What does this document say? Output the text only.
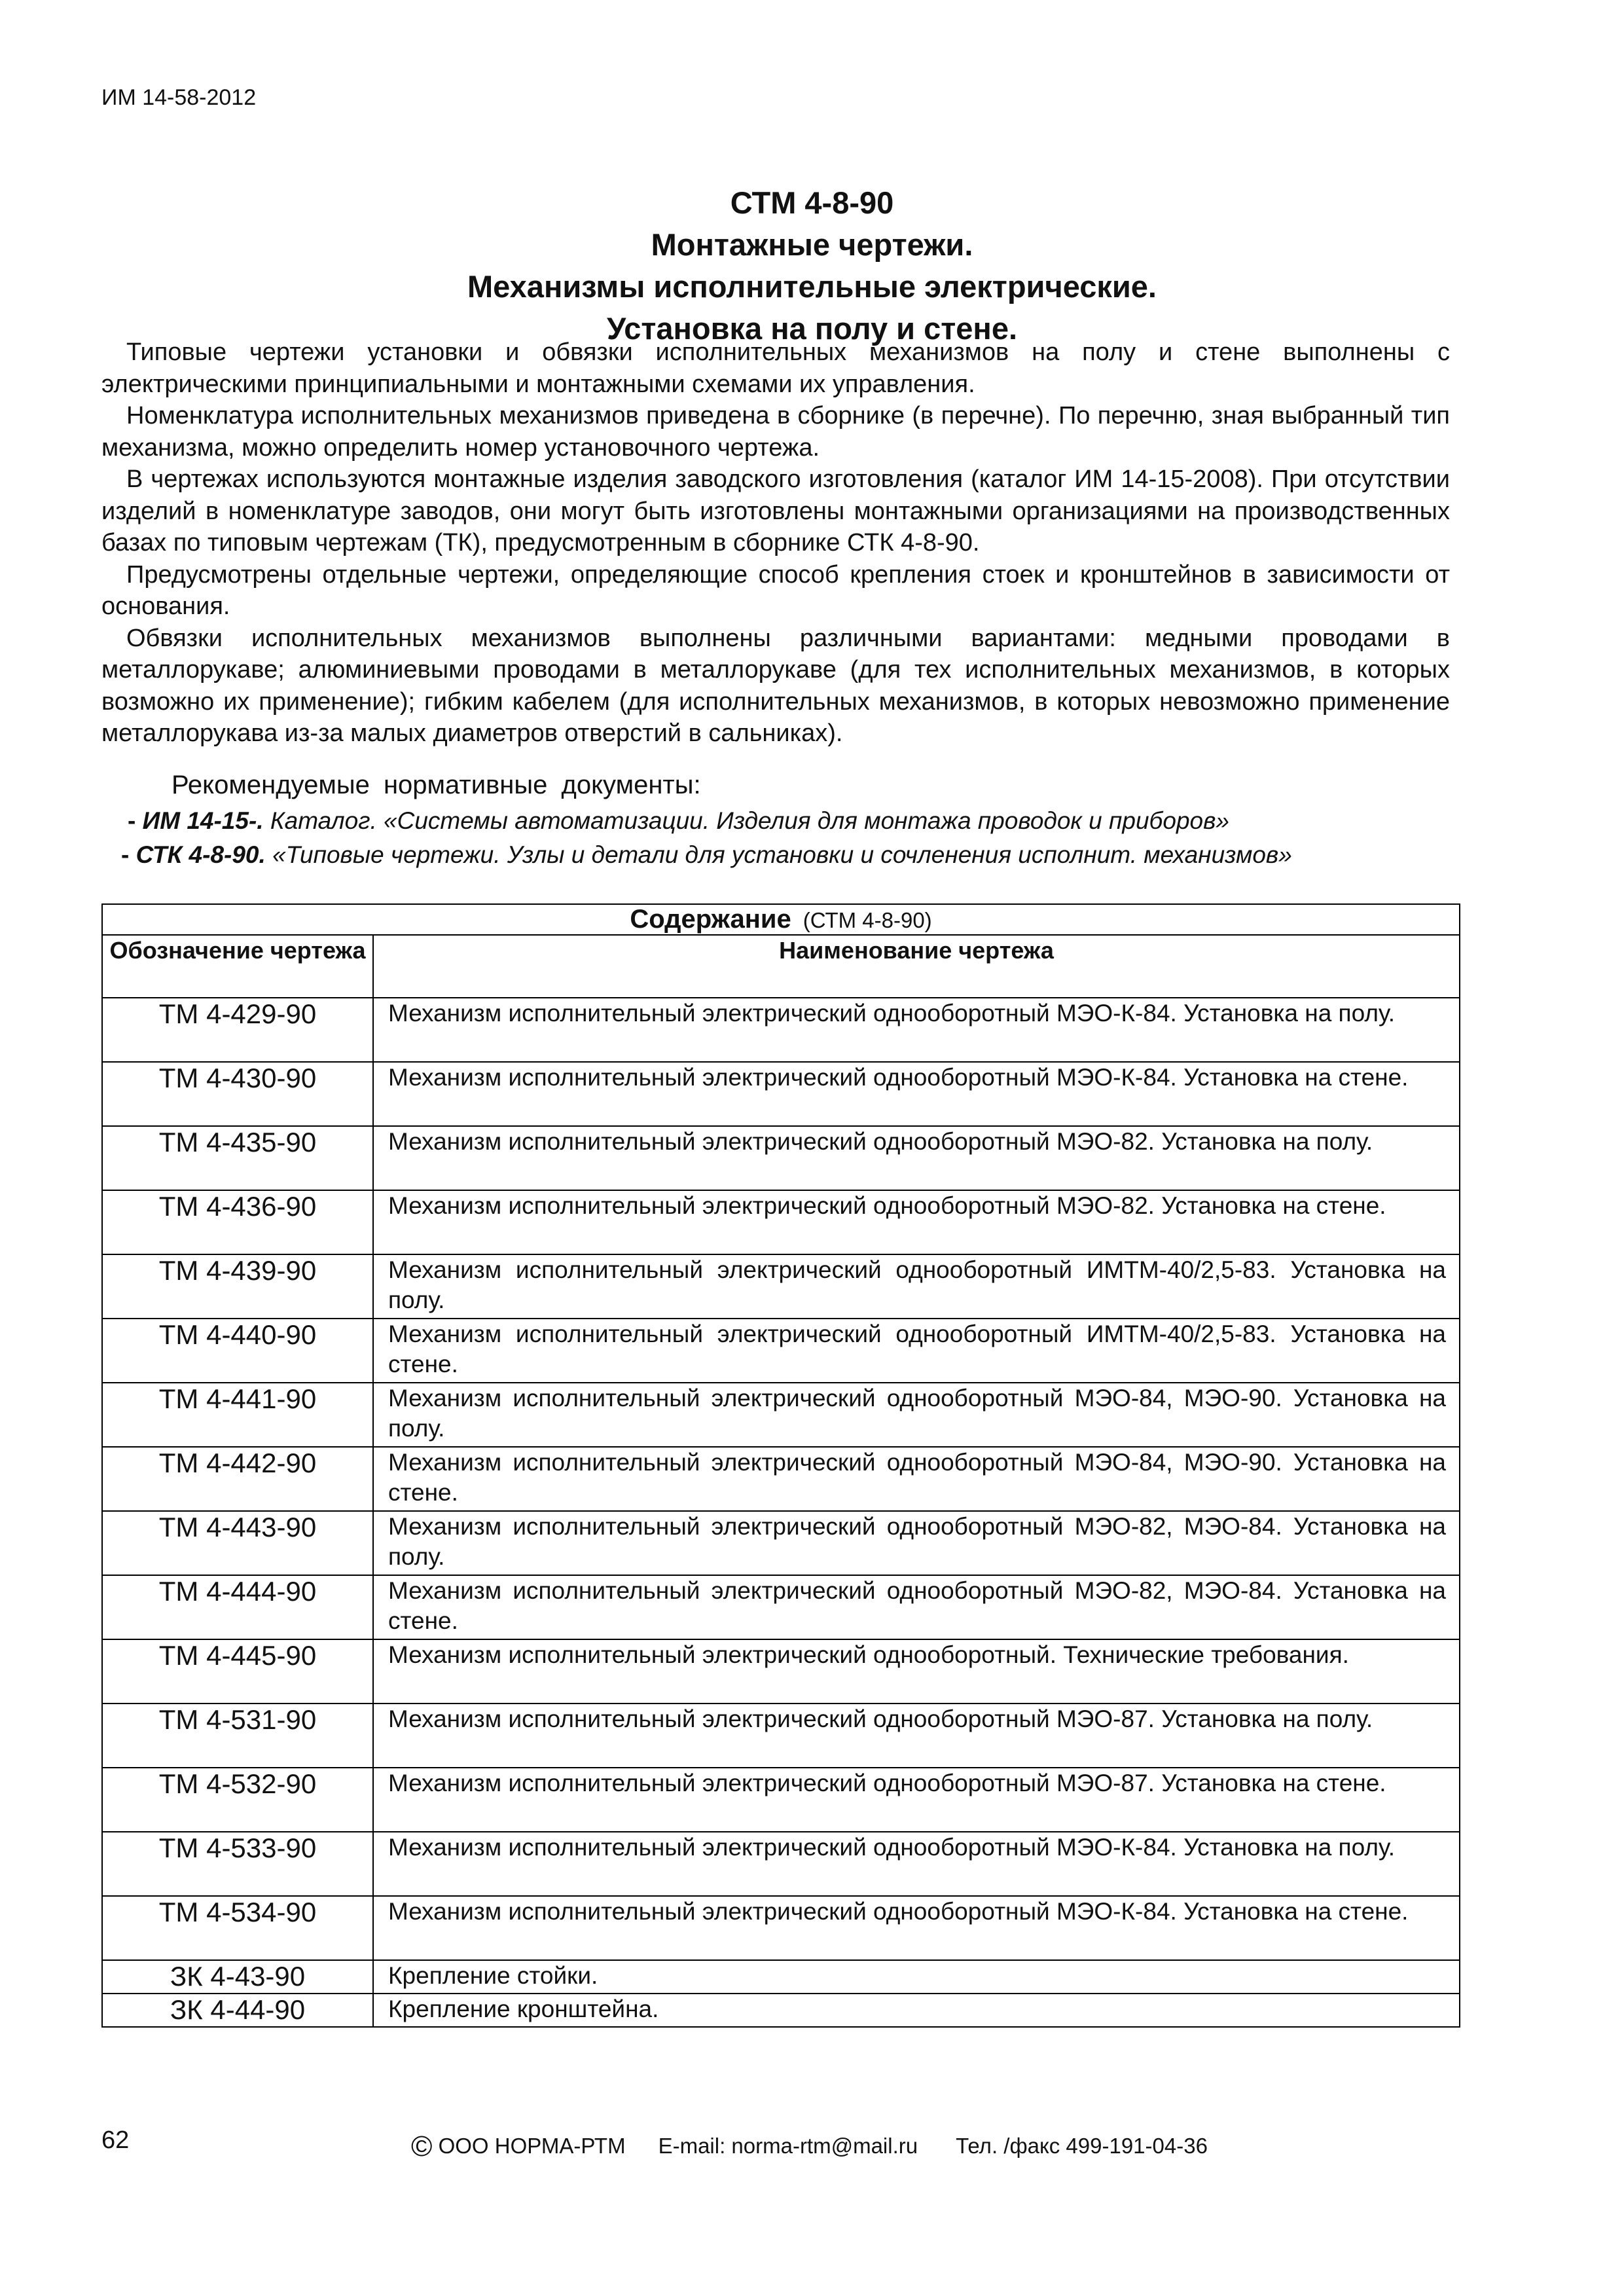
ИМ 14-58-2012
СТМ 4-8-90
Монтажные чертежи.
Механизмы исполнительные электрические.
Установка на полу и стене.

Типовые чертежи установки и обвязки исполнительных механизмов на полу и стене выполнены с электрическими принципиальными и монтажными схемами их управления.

Номенклатура исполнительных механизмов приведена в сборнике (в перечне). По перечню, зная выбранный тип механизма, можно определить номер установочного чертежа.

В чертежах используются монтажные изделия заводского изготовления (каталог ИМ 14-15-2008). При отсутствии изделий в номенклатуре заводов, они могут быть изготовлены монтажными организациями на производственных базах по типовым чертежам (ТК), предусмотренным в сборнике СТК 4-8-90.

Предусмотрены отдельные чертежи, определяющие способ крепления стоек и кронштейнов в зависимости от основания.

Обвязки исполнительных механизмов выполнены различными вариантами: медными проводами в металлорукаве; алюминиевыми проводами в металлорукаве (для тех исполнительных механизмов, в которых возможно их применение); гибким кабелем (для исполнительных механизмов, в которых невозможно применение металлорукава из-за малых диаметров отверстий в сальниках).

Рекомендуемые нормативные документы:
- ИМ 14-15-. Каталог. «Системы автоматизации. Изделия для монтажа проводок и приборов»
- СТК 4-8-90. «Типовые чертежи. Узлы и детали для установки и сочленения исполнит. механизмов»
Содержание (СТМ 4-8-90)	
Обозначение чертежа	Наименование чертежа
ТМ 4-429-90	Механизм исполнительный электрический однооборотный МЭО-К-84. Установка на полу.
ТМ 4-430-90	Механизм исполнительный электрический однооборотный МЭО-К-84. Установка на стене.
ТМ 4-435-90	Механизм исполнительный электрический однооборотный МЭО-82. Установка на полу.
ТМ 4-436-90	Механизм исполнительный электрический однооборотный МЭО-82. Установка на стене.
ТМ 4-439-90	Механизм исполнительный электрический однооборотный ИМТМ-40/2,5-83. Установка на полу.
ТМ 4-440-90	Механизм исполнительный электрический однооборотный ИМТМ-40/2,5-83. Установка на стене.
ТМ 4-441-90	Механизм исполнительный электрический однооборотный МЭО-84, МЭО-90. Установка на полу.
ТМ 4-442-90	Механизм исполнительный электрический однооборотный МЭО-84, МЭО-90. Установка на стене.
ТМ 4-443-90	Механизм исполнительный электрический однооборотный МЭО-82, МЭО-84. Установка на полу.
ТМ 4-444-90	Механизм исполнительный электрический однооборотный МЭО-82, МЭО-84. Установка на стене.
ТМ 4-445-90	Механизм исполнительный электрический однооборотный. Технические требования.
ТМ 4-531-90	Механизм исполнительный электрический однооборотный МЭО-87. Установка на полу.
ТМ 4-532-90	Механизм исполнительный электрический однооборотный МЭО-87. Установка на стене.
ТМ 4-533-90	Механизм исполнительный электрический однооборотный МЭО-К-84. Установка на полу.
ТМ 4-534-90	Механизм исполнительный электрический однооборотный МЭО-К-84. Установка на стене.
ЗК 4-43-90	Крепление стойки.
ЗК 4-44-90	Крепление кронштейна.
62	© ООО НОРМА-РТМ E-mail: norma-rtm@mail.ru Тел. /факс 499-191-04-36
